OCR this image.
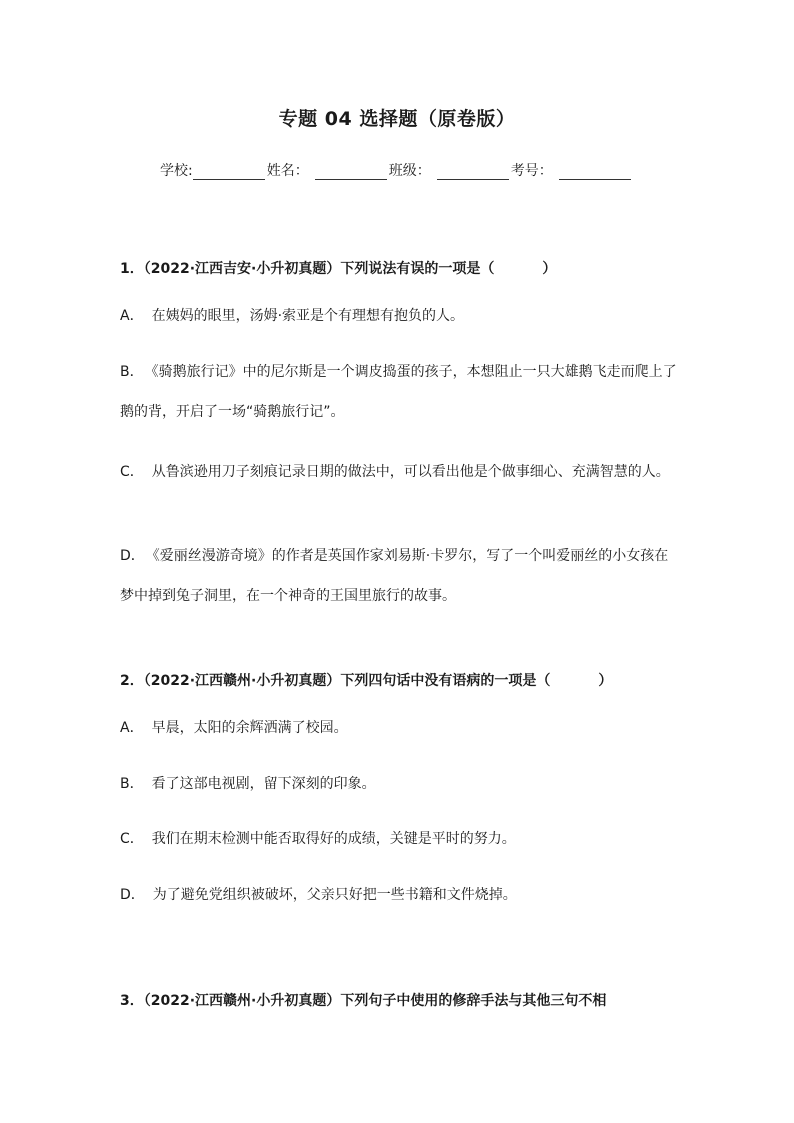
专题 04 选择题（原卷版）
学校:	姓名：	班级：	考号：
1．（2022·江西吉安·小升初真题）下列说法有误的一项是（	）
A． 在姨妈的眼里，汤姆·索亚是个有理想有抱负的人。
B． 《骑鹅旅行记》中的尼尔斯是一个调皮捣蛋的孩子，本想阻止一只大雄鹅飞走而爬上了鹅的背，开启了一场“骑鹅旅行记”。
C． 从鲁滨逊用刀子刻痕记录日期的做法中，可以看出他是个做事细心、充满智慧的人。
D． 《爱丽丝漫游奇境》的作者是英国作家刘易斯·卡罗尔，写了一个叫爱丽丝的小女孩在梦中掉到兔子洞里，在一个神奇的王国里旅行的故事。
2．（2022·江西赣州·小升初真题）下列四句话中没有语病的一项是（	）
A． 早晨，太阳的余辉洒满了校园。
B． 看了这部电视剧，留下深刻的印象。
C． 我们在期末检测中能否取得好的成绩，关键是平时的努力。
D． 为了避免党组织被破坏，父亲只好把一些书籍和文件烧掉。
3．（2022·江西赣州·小升初真题）下列句子中使用的修辞手法与其他三句不相
